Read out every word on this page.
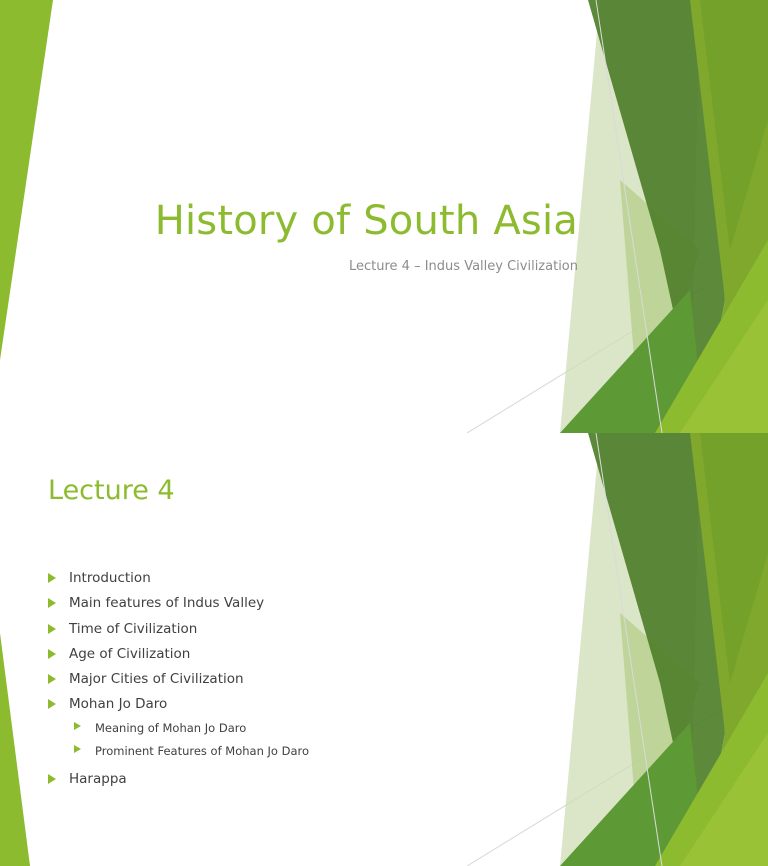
History of South Asia

Lecture 4 – Indus Valley Civilization

Lecture 4
Introduction
Main features of Indus Valley
Time of Civilization
Age of Civilization
Major Cities of Civilization
Mohan Jo Daro
Meaning of Mohan Jo Daro
Prominent Features of Mohan Jo Daro
Harappa
